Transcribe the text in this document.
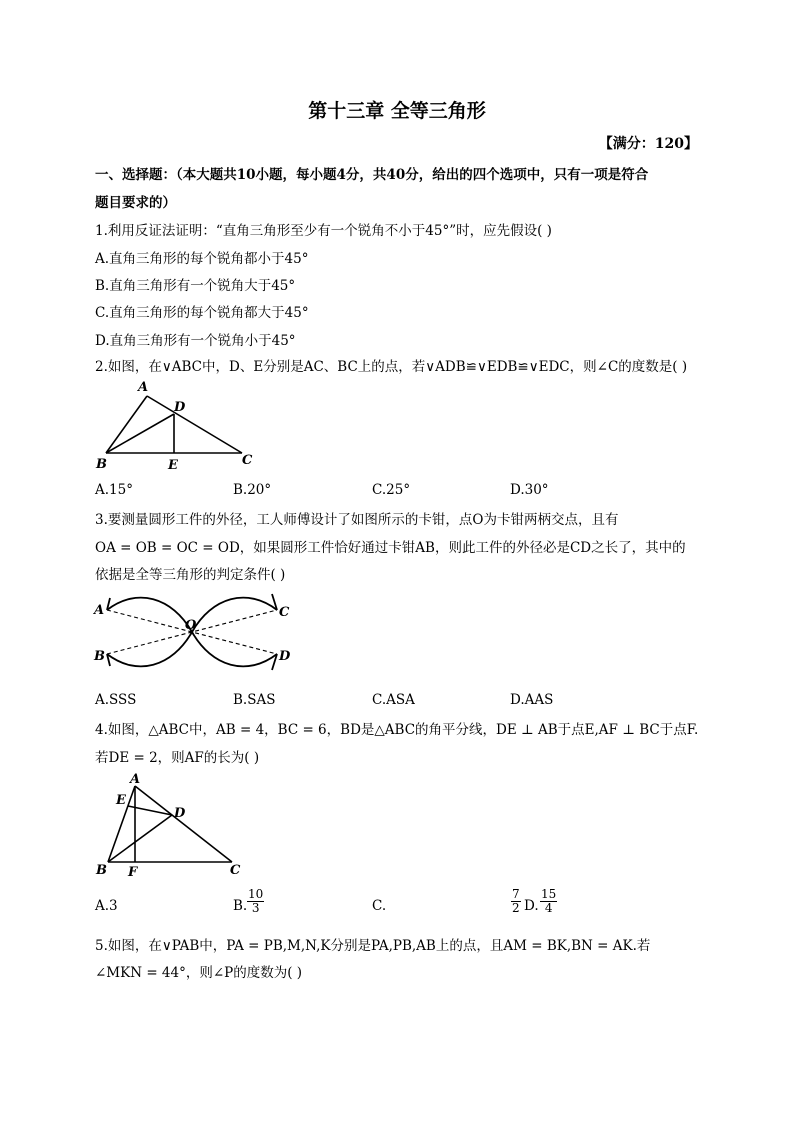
第十三章 全等三角形
【满分：120】
一、选择题：（本大题共10小题，每小题4分，共40分，给出的四个选项中，只有一项是符合
题目要求的）
1.利用反证法证明：“直角三角形至少有一个锐角不小于45°”时，应先假设( )
A.直角三角形的每个锐角都小于45°
B.直角三角形有一个锐角大于45°
C.直角三角形的每个锐角都大于45°
D.直角三角形有一个锐角小于45°
2.如图，在∨ABC中，D、E分别是AC、BC上的点，若∨ADB≌∨EDB≌∨EDC，则∠C的度数是( )
A
B	C
D
E
A.15°	B.20°	C.25°	D.30°
3.要测量圆形工件的外径，工人师傅设计了如图所示的卡钳，点O为卡钳两柄交点，且有
OA = OB = OC = OD，如果圆形工件恰好通过卡钳AB，则此工件的外径必是CD之长了，其中的
依据是全等三角形的判定条件( )
A
B
C
D
O
A.SSS	B.SAS	C.ASA	D.AAS
4.如图，△ABC中，AB = 4，BC = 6，BD是△ABC的角平分线，DE ⊥ AB于点E,AF ⊥ BC于点F.
若DE = 2，则AF的长为( )
A
B	C
D
E
F
A.3	B. $\frac{10}{3}$	C.	$\frac{7}{2} D$. $\frac{15}{4}$
5.如图，在∨PAB中，PA = PB,M,N,K分别是PA,PB,AB上的点，且AM = BK,BN = AK.若
∠MKN = 44°，则∠P的度数为( )
